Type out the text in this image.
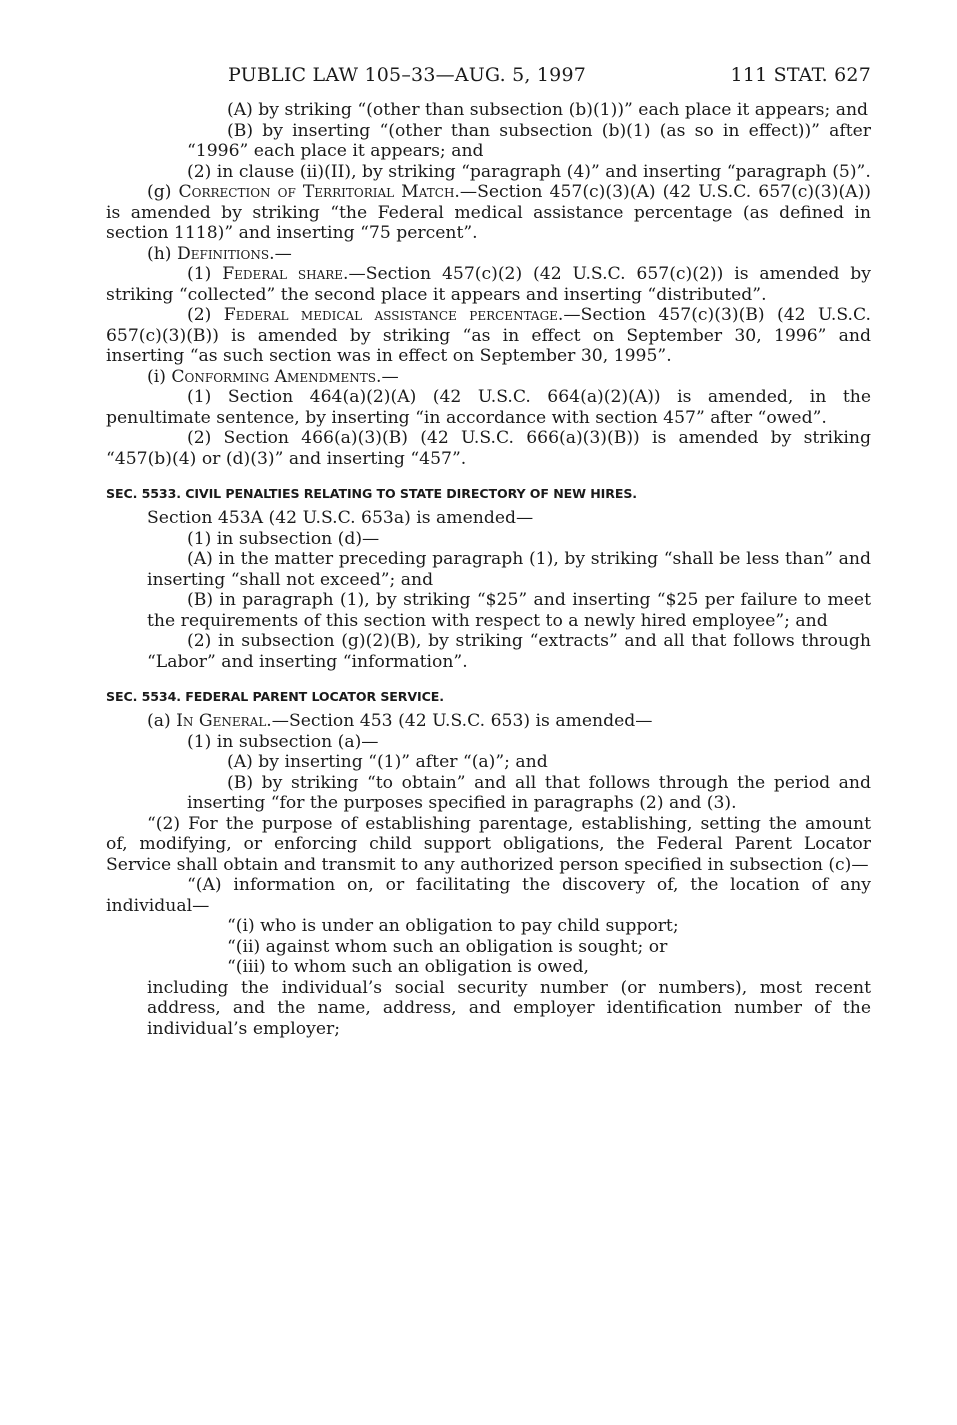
PUBLIC LAW 105–33—AUG. 5, 1997	111 STAT. 627

(A) by striking “(other than subsection (b)(1))” each place it appears; and

(B) by inserting “(other than subsection (b)(1) (as so in effect))” after “1996” each place it appears; and

(2) in clause (ii)(II), by striking “paragraph (4)” and inserting “paragraph (5)”.

(g) Correction of Territorial Match.—Section 457(c)(3)(A) (42 U.S.C. 657(c)(3)(A)) is amended by striking “the Federal medical assistance percentage (as defined in section 1118)” and inserting “75 percent”.

(h) Definitions.—

(1) Federal share.—Section 457(c)(2) (42 U.S.C. 657(c)(2)) is amended by striking “collected” the second place it appears and inserting “distributed”.

(2) Federal medical assistance percentage.—Section 457(c)(3)(B) (42 U.S.C. 657(c)(3)(B)) is amended by striking “as in effect on September 30, 1996” and inserting “as such section was in effect on September 30, 1995”.

(i) Conforming Amendments.—

(1) Section 464(a)(2)(A) (42 U.S.C. 664(a)(2)(A)) is amended, in the penultimate sentence, by inserting “in accordance with section 457” after “owed”.

(2) Section 466(a)(3)(B) (42 U.S.C. 666(a)(3)(B)) is amended by striking “457(b)(4) or (d)(3)” and inserting “457”.

SEC. 5533. CIVIL PENALTIES RELATING TO STATE DIRECTORY OF NEW HIRES.

Section 453A (42 U.S.C. 653a) is amended—

(1) in subsection (d)—

(A) in the matter preceding paragraph (1), by striking “shall be less than” and inserting “shall not exceed”; and

(B) in paragraph (1), by striking “$25” and inserting “$25 per failure to meet the requirements of this section with respect to a newly hired employee”; and

(2) in subsection (g)(2)(B), by striking “extracts” and all that follows through “Labor” and inserting “information”.

SEC. 5534. FEDERAL PARENT LOCATOR SERVICE.

(a) In General.—Section 453 (42 U.S.C. 653) is amended—

(1) in subsection (a)—

(A) by inserting “(1)” after “(a)”; and

(B) by striking “to obtain” and all that follows through the period and inserting “for the purposes specified in paragraphs (2) and (3).

“(2) For the purpose of establishing parentage, establishing, setting the amount of, modifying, or enforcing child support obligations, the Federal Parent Locator Service shall obtain and transmit to any authorized person specified in subsection (c)—

“(A) information on, or facilitating the discovery of, the location of any individual—

“(i) who is under an obligation to pay child support;

“(ii) against whom such an obligation is sought; or

“(iii) to whom such an obligation is owed,

including the individual’s social security number (or numbers), most recent address, and the name, address, and employer identification number of the individual’s employer;
